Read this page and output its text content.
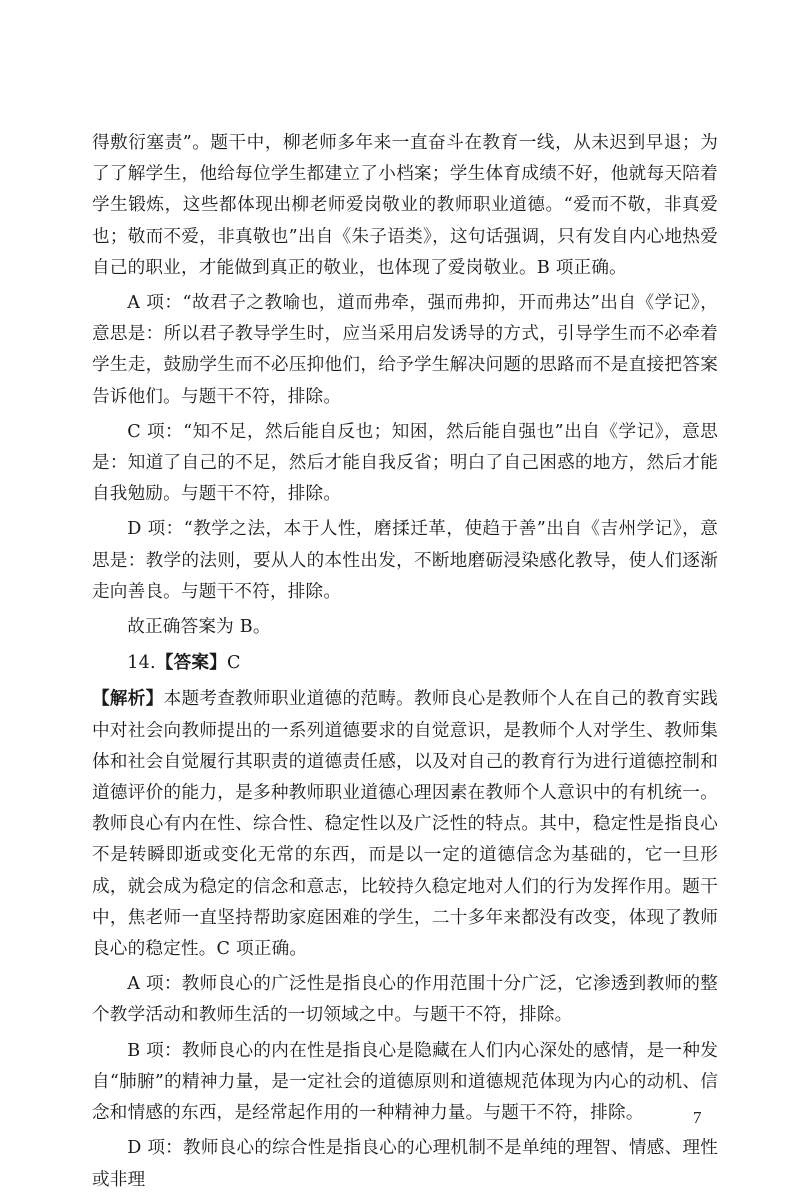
得敷衍塞责”。题干中，柳老师多年来一直奋斗在教育一线，从未迟到早退；为了了解学生，他给每位学生都建立了小档案；学生体育成绩不好，他就每天陪着学生锻炼，这些都体现出柳老师爱岗敬业的教师职业道德。“爱而不敬，非真爱也；敬而不爱，非真敬也”出自《朱子语类》，这句话强调，只有发自内心地热爱自己的职业，才能做到真正的敬业，也体现了爱岗敬业。B 项正确。

A 项：“故君子之教喻也，道而弗牵，强而弗抑，开而弗达”出自《学记》，意思是：所以君子教导学生时，应当采用启发诱导的方式，引导学生而不必牵着学生走，鼓励学生而不必压抑他们，给予学生解决问题的思路而不是直接把答案告诉他们。与题干不符，排除。

C 项：“知不足，然后能自反也；知困，然后能自强也”出自《学记》，意思是：知道了自己的不足，然后才能自我反省；明白了自己困惑的地方，然后才能自我勉励。与题干不符，排除。

D 项：“教学之法，本于人性，磨揉迁革，使趋于善”出自《吉州学记》，意思是：教学的法则，要从人的本性出发，不断地磨砺浸染感化教导，使人们逐渐走向善良。与题干不符，排除。

故正确答案为 B。

14.【答案】C

【解析】本题考查教师职业道德的范畴。教师良心是教师个人在自己的教育实践中对社会向教师提出的一系列道德要求的自觉意识，是教师个人对学生、教师集体和社会自觉履行其职责的道德责任感，以及对自己的教育行为进行道德控制和道德评价的能力，是多种教师职业道德心理因素在教师个人意识中的有机统一。教师良心有内在性、综合性、稳定性以及广泛性的特点。其中，稳定性是指良心不是转瞬即逝或变化无常的东西，而是以一定的道德信念为基础的，它一旦形成，就会成为稳定的信念和意志，比较持久稳定地对人们的行为发挥作用。题干中，焦老师一直坚持帮助家庭困难的学生，二十多年来都没有改变，体现了教师良心的稳定性。C 项正确。

A 项：教师良心的广泛性是指良心的作用范围十分广泛，它渗透到教师的整个教学活动和教师生活的一切领域之中。与题干不符，排除。

B 项：教师良心的内在性是指良心是隐藏在人们内心深处的感情，是一种发自“肺腑”的精神力量，是一定社会的道德原则和道德规范体现为内心的动机、信念和情感的东西，是经常起作用的一种精神力量。与题干不符，排除。

D 项：教师良心的综合性是指良心的心理机制不是单纯的理智、情感、理性或非理

7
